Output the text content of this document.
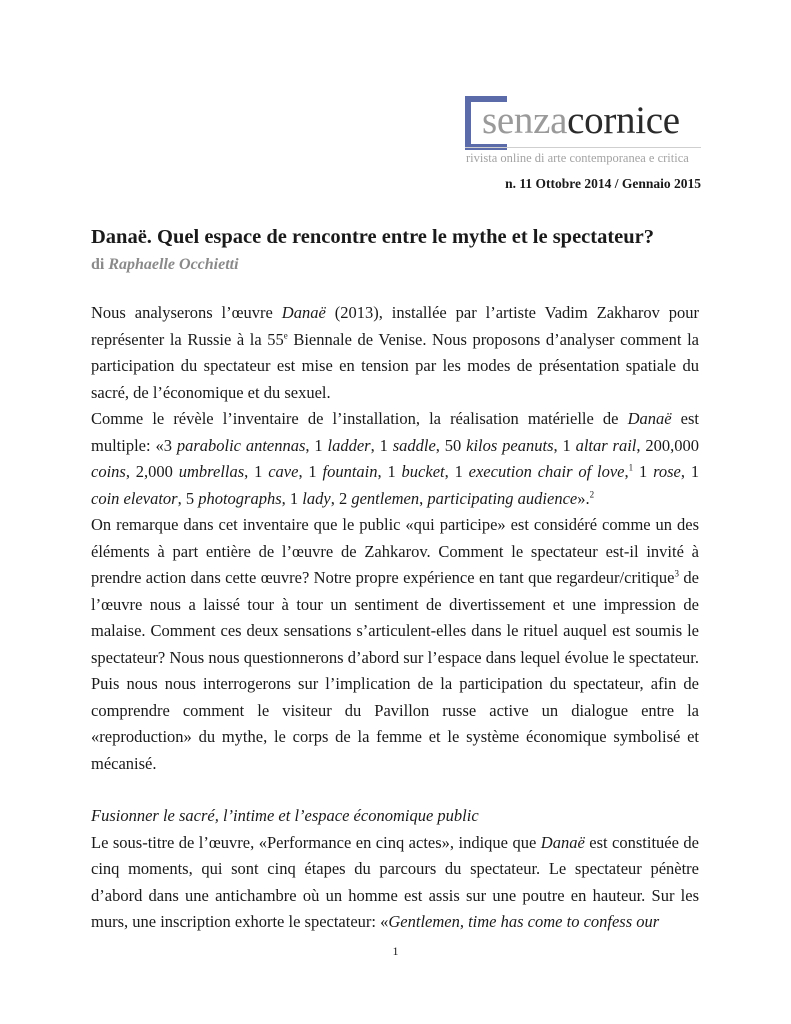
senzacornice
rivista online di arte contemporanea e critica
n. 11 Ottobre 2014 / Gennaio 2015
Danaë. Quel espace de rencontre entre le mythe et le spectateur?
di Raphaelle Occhietti

Nous analyserons l’œuvre Danaë (2013), installée par l’artiste Vadim Zakharov pour représenter la Russie à la 55e Biennale de Venise. Nous proposons d’analyser comment la participation du spectateur est mise en tension par les modes de présentation spatiale du sacré, de l’économique et du sexuel.

Comme le révèle l’inventaire de l’installation, la réalisation matérielle de Danaë est multiple: «3 parabolic antennas, 1 ladder, 1 saddle, 50 kilos peanuts, 1 altar rail, 200,000 coins, 2,000 umbrellas, 1 cave, 1 fountain, 1 bucket, 1 execution chair of love,$^1$ 1 rose, 1 coin elevator, 5 photographs, 1 lady, 2 gentlemen, participating audience».$^2$

On remarque dans cet inventaire que le public «qui participe» est considéré comme un des éléments à part entière de l’œuvre de Zahkarov. Comment le spectateur est-il invité à prendre action dans cette œuvre? Notre propre expérience en tant que regardeur/critique$^3$ de l’œuvre nous a laissé tour à tour un sentiment de divertissement et une impression de malaise. Comment ces deux sensations s’articulent-elles dans le rituel auquel est soumis le spectateur? Nous nous questionnerons d’abord sur l’espace dans lequel évolue le spectateur. Puis nous nous interrogerons sur l’implication de la participation du spectateur, afin de comprendre comment le visiteur du Pavillon russe active un dialogue entre la «reproduction» du mythe, le corps de la femme et le système économique symbolisé et mécanisé.

Fusionner le sacré, l’intime et l’espace économique public

Le sous-titre de l’œuvre, «Performance en cinq actes», indique que Danaë est constituée de cinq moments, qui sont cinq étapes du parcours du spectateur. Le spectateur pénètre d’abord dans une antichambre où un homme est assis sur une poutre en hauteur. Sur les murs, une inscription exhorte le spectateur: «Gentlemen, time has come to confess our

1
